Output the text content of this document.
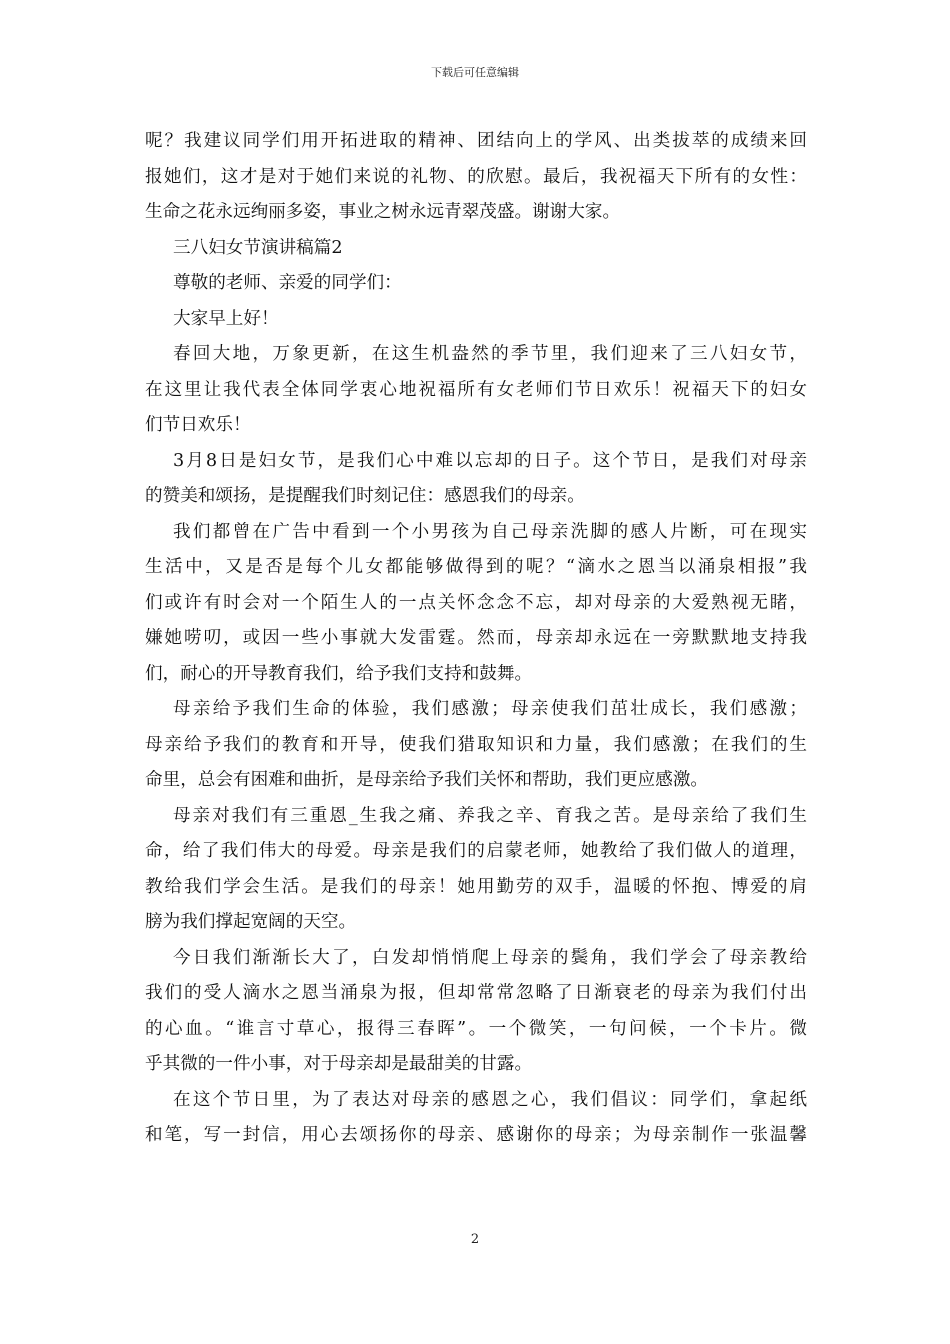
下载后可任意编辑
呢？我建议同学们用开拓进取的精神、团结向上的学风、出类拔萃的成绩来回
报她们，这才是对于她们来说的礼物、的欣慰。最后，我祝福天下所有的女性：
生命之花永远绚丽多姿，事业之树永远青翠茂盛。谢谢大家。
三八妇女节演讲稿篇2
尊敬的老师、亲爱的同学们：
大家早上好！
春回大地，万象更新，在这生机盎然的季节里，我们迎来了三八妇女节，
在这里让我代表全体同学衷心地祝福所有女老师们节日欢乐！祝福天下的妇女
们节日欢乐！
3月8日是妇女节，是我们心中难以忘却的日子。这个节日，是我们对母亲
的赞美和颂扬，是提醒我们时刻记住：感恩我们的母亲。
我们都曾在广告中看到一个小男孩为自己母亲洗脚的感人片断，可在现实
生活中，又是否是每个儿女都能够做得到的呢？“滴水之恩当以涌泉相报”我
们或许有时会对一个陌生人的一点关怀念念不忘，却对母亲的大爱熟视无睹，
嫌她唠叨，或因一些小事就大发雷霆。然而，母亲却永远在一旁默默地支持我
们，耐心的开导教育我们，给予我们支持和鼓舞。
母亲给予我们生命的体验，我们感激；母亲使我们茁壮成长，我们感激；
母亲给予我们的教育和开导，使我们猎取知识和力量，我们感激；在我们的生
命里，总会有困难和曲折，是母亲给予我们关怀和帮助，我们更应感激。
母亲对我们有三重恩_生我之痛、养我之辛、育我之苦。是母亲给了我们生
命，给了我们伟大的母爱。母亲是我们的启蒙老师，她教给了我们做人的道理，
教给我们学会生活。是我们的母亲！她用勤劳的双手，温暖的怀抱、博爱的肩
膀为我们撑起宽阔的天空。
今日我们渐渐长大了，白发却悄悄爬上母亲的鬓角，我们学会了母亲教给
我们的受人滴水之恩当涌泉为报，但却常常忽略了日渐衰老的母亲为我们付出
的心血。“谁言寸草心，报得三春晖”。一个微笑，一句问候，一个卡片。微
乎其微的一件小事，对于母亲却是最甜美的甘露。
在这个节日里，为了表达对母亲的感恩之心，我们倡议：同学们，拿起纸
和笔，写一封信，用心去颂扬你的母亲、感谢你的母亲；为母亲制作一张温馨
2
